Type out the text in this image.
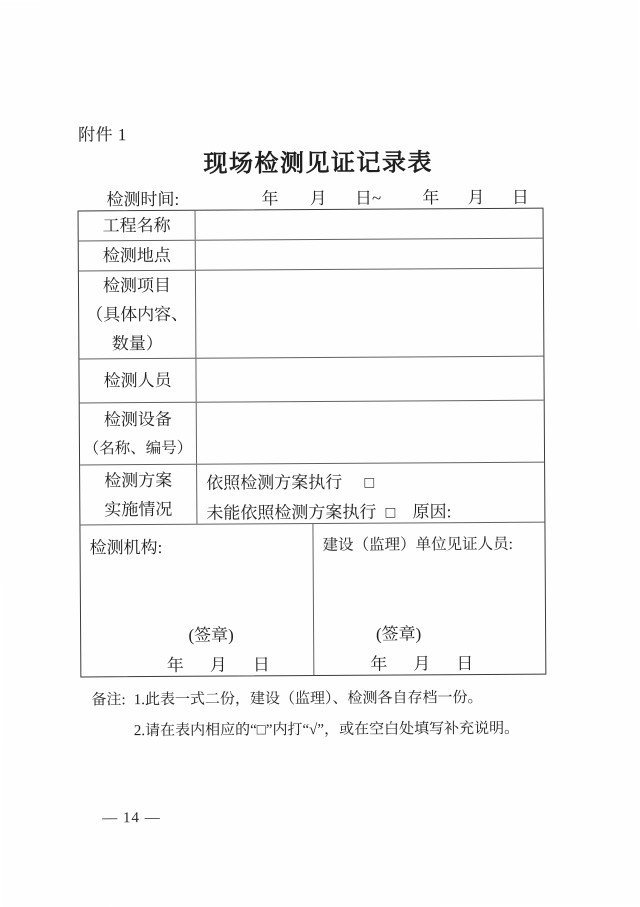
附件 1
现场检测见证记录表
检测时间:	年 月 日~ 年 月 日
工程名称
检测地点
检测项目
（具体内容、
数量）
检测人员
检测设备
（名称、编号）
检测方案
实施情况
依照检测方案执行 □
未能依照检测方案执行 □ 原因:
检测机构:
(签章)
年 月 日
建设（监理）单位见证人员:
(签章)
年 月 日
备注: 1.此表一式二份，建设（监理）、检测各自存档一份。
2.请在表内相应的“□”内打“√”，或在空白处填写补充说明。
— 14 —
